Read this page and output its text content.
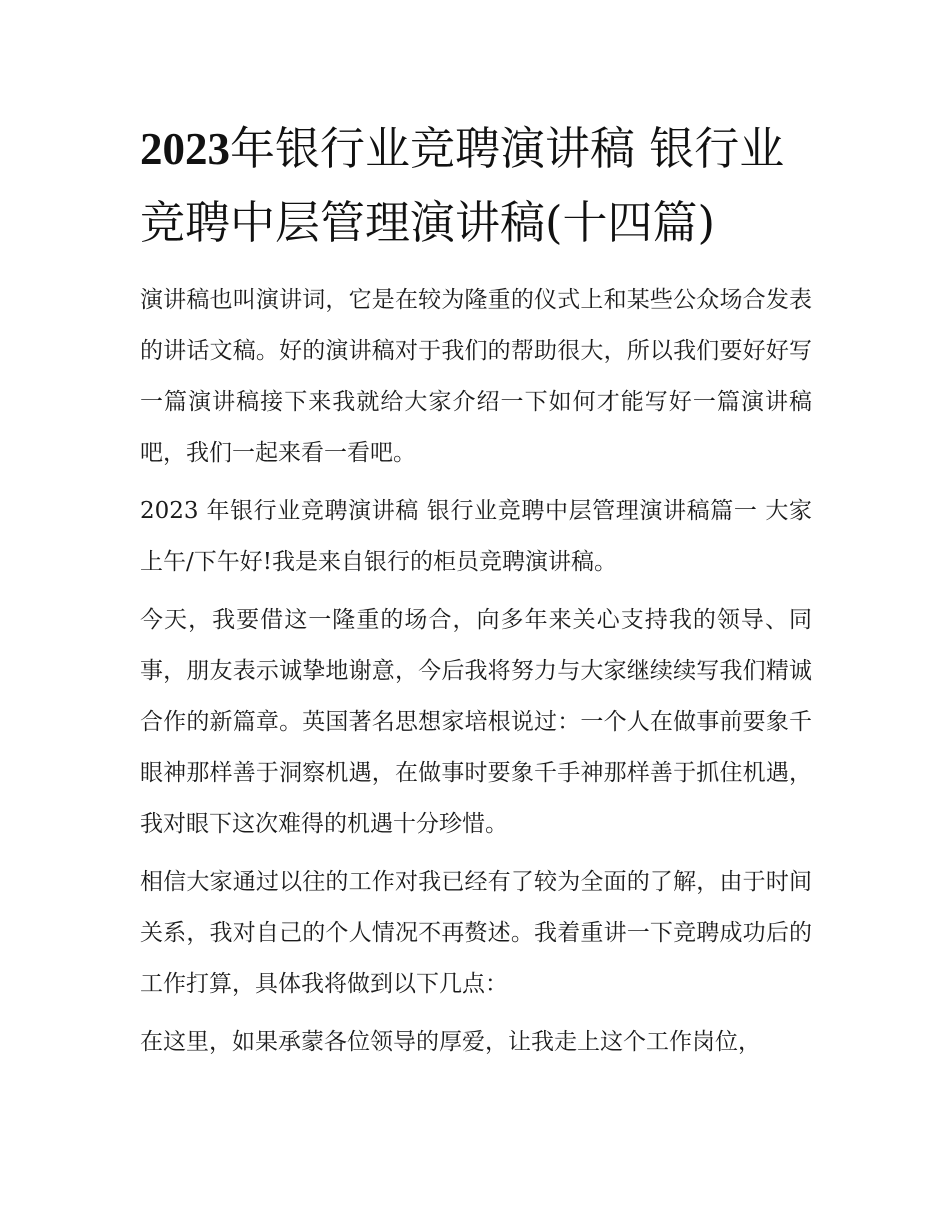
2023年银行业竞聘演讲稿 银行业竞聘中层管理演讲稿(十四篇)

演讲稿也叫演讲词，它是在较为隆重的仪式上和某些公众场合发表的讲话文稿。好的演讲稿对于我们的帮助很大，所以我们要好好写一篇演讲稿接下来我就给大家介绍一下如何才能写好一篇演讲稿吧，我们一起来看一看吧。

2023 年银行业竞聘演讲稿 银行业竞聘中层管理演讲稿篇一 大家上午/下午好!我是来自银行的柜员竞聘演讲稿。

今天，我要借这一隆重的场合，向多年来关心支持我的领导、同事，朋友表示诚挚地谢意，今后我将努力与大家继续续写我们精诚合作的新篇章。英国著名思想家培根说过：一个人在做事前要象千眼神那样善于洞察机遇，在做事时要象千手神那样善于抓住机遇，我对眼下这次难得的机遇十分珍惜。

相信大家通过以往的工作对我已经有了较为全面的了解，由于时间关系，我对自己的个人情况不再赘述。我着重讲一下竞聘成功后的工作打算，具体我将做到以下几点：

在这里，如果承蒙各位领导的厚爱，让我走上这个工作岗位，
